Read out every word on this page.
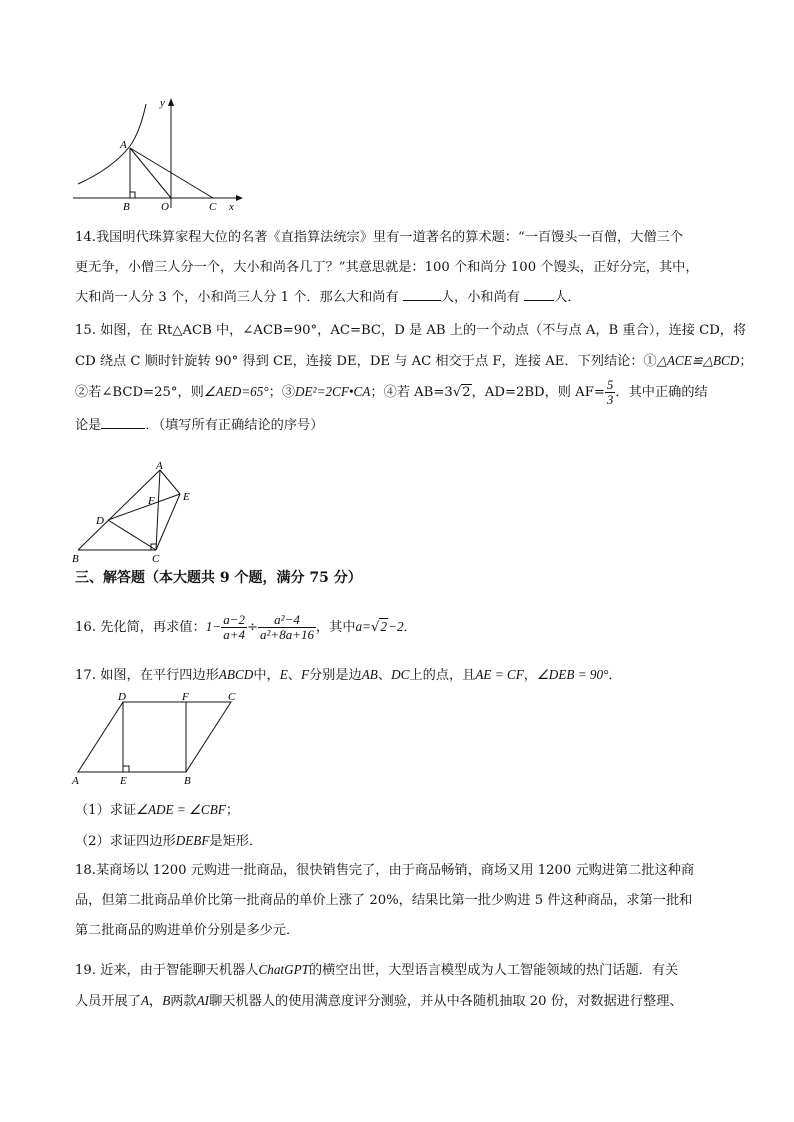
y
A
B	O	C x
14.我国明代珠算家程大位的名著《直指算法统宗》里有一道著名的算术题：“一百馒头一百僧，大僧三个
更无争，小僧三人分一个，大小和尚各几丁？”其意思就是：100 个和尚分 100 个馒头，正好分完，其中，
大和尚一人分 3 个，小和尚三人分 1 个．那么大和尚有	人，小和尚有	人．
15. 如图，在 Rt△ACB 中，∠ACB=90°，AC=BC，D 是 AB 上的一个动点（不与点 A，B 重合），连接 CD，将
CD 绕点 C 顺时针旋转 90° 得到 CE，连接 DE，DE 与 AC 相交于点 F，连接 AE．下列结论：①△ACE≌△BCD；
②若∠BCD=25°，则∠AED=65°；③DE²=2CF•CA；④若 AB=3√2，AD=2BD，则 $AF= \frac{5}{3}$ ．其中正确的结
论是	．（填写所有正确结论的序号）
A
E
F
D
B	C
三、解答题（本大题共 9 个题，满分 75 分）
16. 先化简，再求值：$1- \frac{a-2}{a+4} \div \frac{\text{a²−4}}{\text{a²+8a+16}}$ ，其中a=√2−2．
17. 如图，在平行四边形ABCD中，E、F分别是边AB、DC上的点，且AE = CF，∠DEB = 90°．
D	F	C
A	E	B
（1）求证∠ADE = ∠CBF；
（2）求证四边形DEBF是矩形．
18.某商场以 1200 元购进一批商品，很快销售完了，由于商品畅销，商场又用 1200 元购进第二批这种商
品，但第二批商品单价比第一批商品的单价上涨了 20%，结果比第一批少购进 5 件这种商品，求第一批和
第二批商品的购进单价分别是多少元．
19. 近来，由于智能聊天机器人ChatGPT的横空出世，大型语言模型成为人工智能领域的热门话题．有关
人员开展了A，B两款AI聊天机器人的使用满意度评分测验，并从中各随机抽取 20 份，对数据进行整理、
